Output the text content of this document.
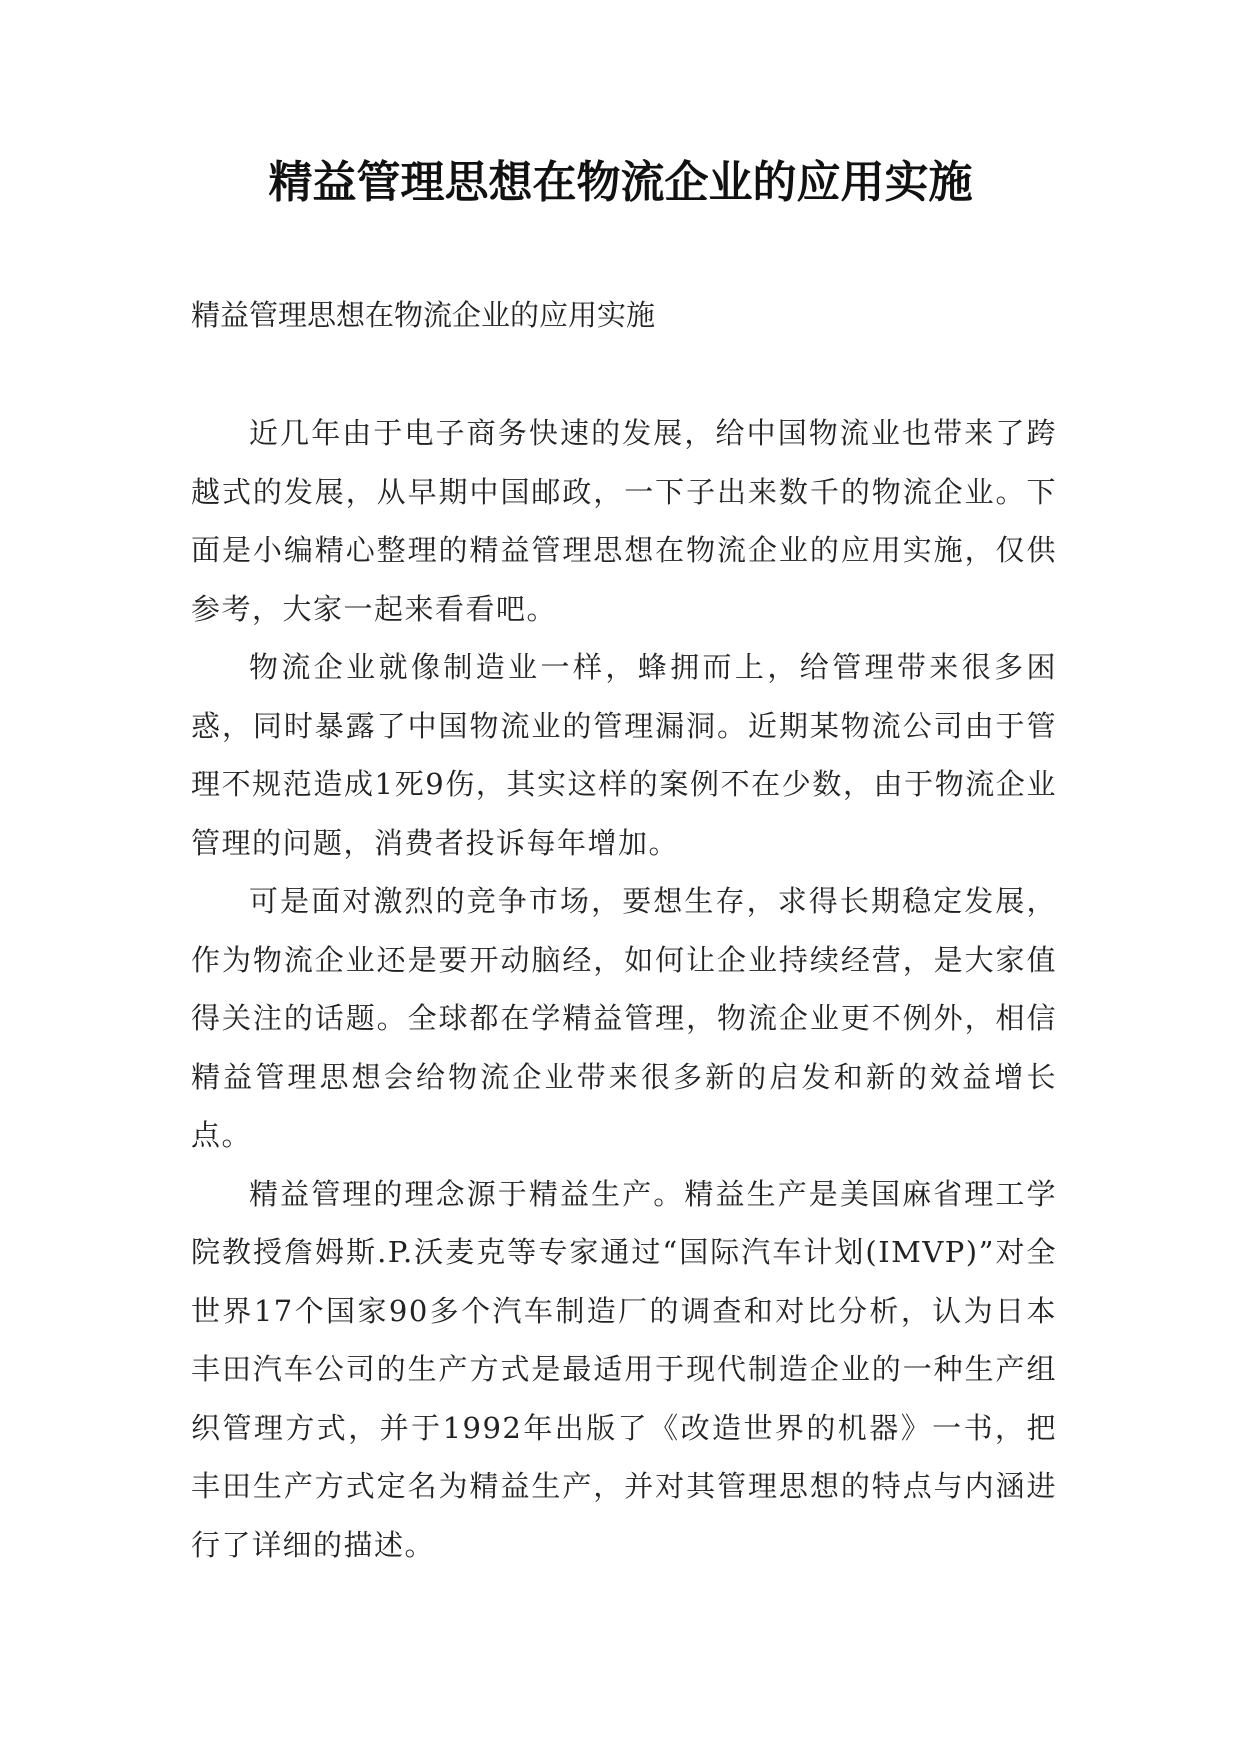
精益管理思想在物流企业的应用实施

精益管理思想在物流企业的应用实施

近几年由于电子商务快速的发展，给中国物流业也带来了跨越式的发展，从早期中国邮政，一下子出来数千的物流企业。下面是小编精心整理的精益管理思想在物流企业的应用实施，仅供参考，大家一起来看看吧。

物流企业就像制造业一样，蜂拥而上，给管理带来很多困惑，同时暴露了中国物流业的管理漏洞。近期某物流公司由于管理不规范造成1死9伤，其实这样的案例不在少数，由于物流企业管理的问题，消费者投诉每年增加。

可是面对激烈的竞争市场，要想生存，求得长期稳定发展，作为物流企业还是要开动脑经，如何让企业持续经营，是大家值得关注的话题。全球都在学精益管理，物流企业更不例外，相信精益管理思想会给物流企业带来很多新的启发和新的效益增长点。

精益管理的理念源于精益生产。精益生产是美国麻省理工学院教授詹姆斯.P.沃麦克等专家通过“国际汽车计划(IMVP)”对全世界17个国家90多个汽车制造厂的调查和对比分析，认为日本丰田汽车公司的生产方式是最适用于现代制造企业的一种生产组织管理方式，并于1992年出版了《改造世界的机器》一书，把丰田生产方式定名为精益生产，并对其管理思想的特点与内涵进行了详细的描述。
